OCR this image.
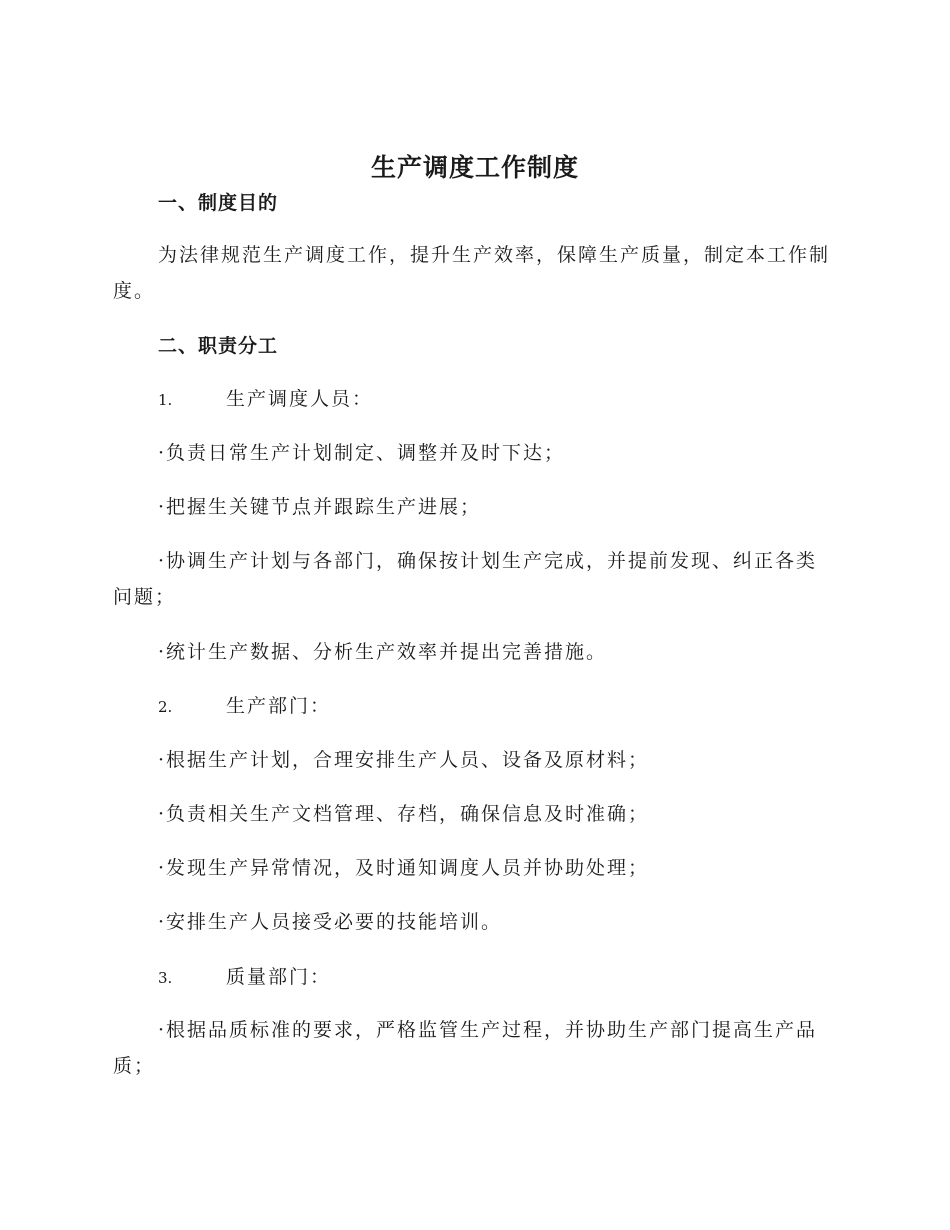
生产调度工作制度
一、制度目的
为法律规范生产调度工作，提升生产效率，保障生产质量，制定本工作制度。
二、职责分工
1.	生产调度人员：
· 负责日常生产计划制定、调整并及时下达；
· 把握生关键节点并跟踪生产进展；
· 协调生产计划与各部门，确保按计划生产完成，并提前发现、纠正各类问题；
· 统计生产数据、分析生产效率并提出完善措施。
2.	生产部门：
· 根据生产计划，合理安排生产人员、设备及原材料；
· 负责相关生产文档管理、存档，确保信息及时准确；
· 发现生产异常情况，及时通知调度人员并协助处理；
· 安排生产人员接受必要的技能培训。
3.	质量部门：
· 根据品质标准的要求，严格监管生产过程，并协助生产部门提高生产品质；
